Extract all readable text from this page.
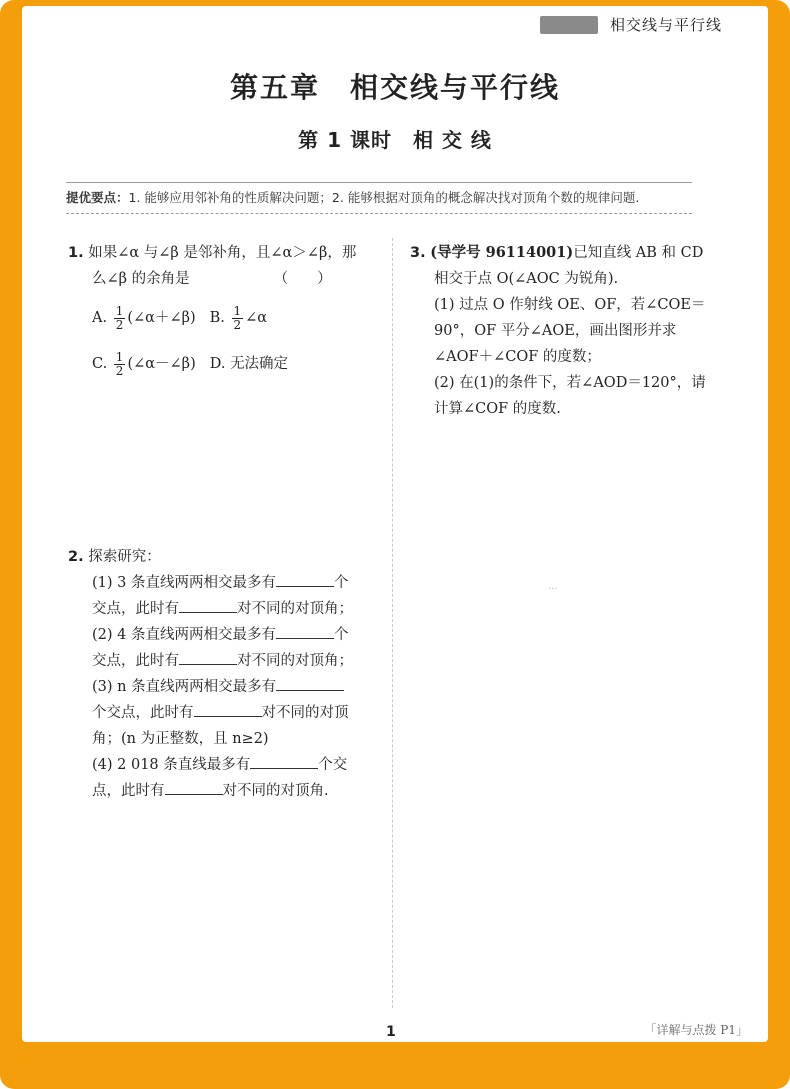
相交线与平行线
第五章　相交线与平行线
第 1 课时　相 交 线
提优要点：1. 能够应用邻补角的性质解决问题；2. 能够根据对顶角的概念解决找对顶角个数的规律问题.
1. 如果∠α 与∠β 是邻补角，且∠α＞∠β，那
么∠β 的余角是	（　　）
A.
$\frac{1}{2}$ (∠α＋∠β) B.
$\frac{1}{2}$ ∠α
C.
$\frac{1}{2}$ (∠α－∠β) D.
无法确定
2. 探索研究：
(1) 3 条直线两两相交最多有	个
交点，此时有	对不同的对顶角；
(2) 4 条直线两两相交最多有	个
交点，此时有	对不同的对顶角；
(3) n 条直线两两相交最多有
个交点，此时有	对不同的对顶
角；(n 为正整数，且 n≥2)
(4) 2 018 条直线最多有	个交
点，此时有	对不同的对顶角.
3. (导学号 96114001)已知直线 AB 和 CD
相交于点 O(∠AOC 为锐角).
(1) 过点 O 作射线 OE、OF，若∠COE＝
90°，OF 平分∠AOE，画出图形并求
∠AOF＋∠COF 的度数；
(2) 在(1)的条件下，若∠AOD＝120°，请
计算∠COF 的度数.
···
1	「详解与点拨 P1」
